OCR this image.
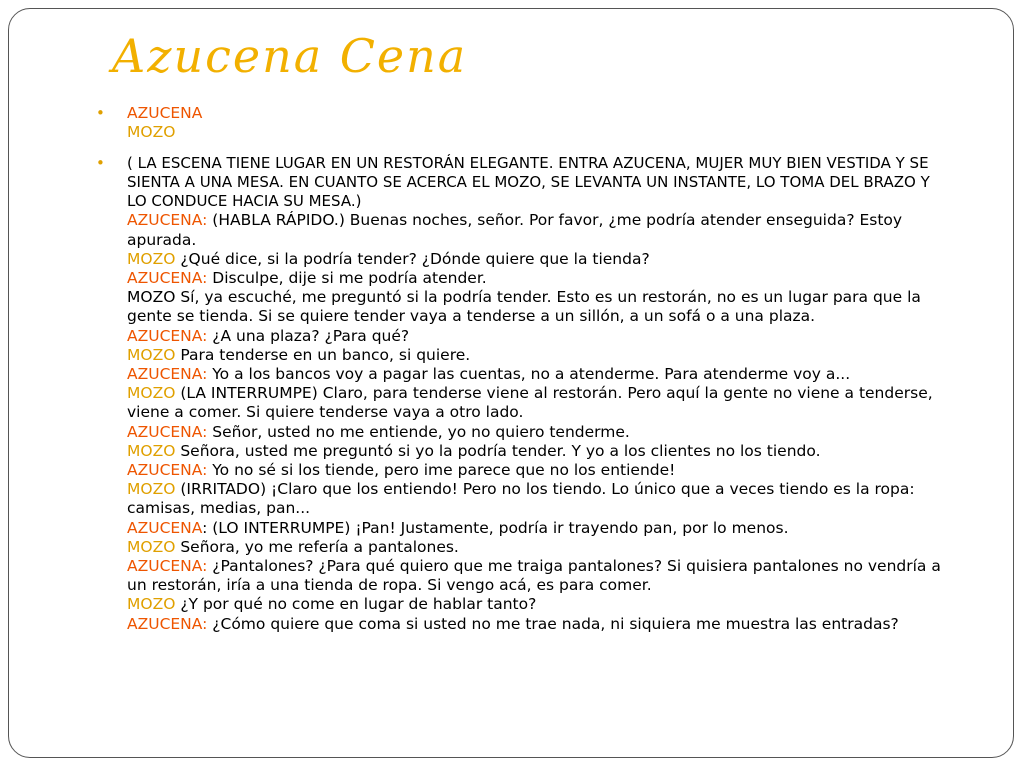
Azucena Cena
• AZUCENA
MOZO
• ( LA ESCENA TIENE LUGAR EN UN RESTORÁN ELEGANTE. ENTRA AZUCENA, MUJER MUY BIEN VESTIDA Y SE SIENTA A UNA MESA. EN CUANTO SE ACERCA EL MOZO, SE LEVANTA UN INSTANTE, LO TOMA DEL BRAZO Y LO CONDUCE HACIA SU MESA.)
AZUCENA: (HABLA RÁPIDO.) Buenas noches, señor. Por favor, ¿me podría atender enseguida? Estoy apurada.
MOZO ¿Qué dice, si la podría tender? ¿Dónde quiere que la tienda?
AZUCENA: Disculpe, dije si me podría atender.
MOZO Sí, ya escuché, me preguntó si la podría tender. Esto es un restorán, no es un lugar para que la gente se tienda. Si se quiere tender vaya a tenderse a un sillón, a un sofá o a una plaza.
AZUCENA: ¿A una plaza? ¿Para qué?
MOZO Para tenderse en un banco, si quiere.
AZUCENA: Yo a los bancos voy a pagar las cuentas, no a atenderme. Para atenderme voy a...
MOZO (LA INTERRUMPE) Claro, para tenderse viene al restorán. Pero aquí la gente no viene a tenderse, viene a comer. Si quiere tenderse vaya a otro lado.
AZUCENA: Señor, usted no me entiende, yo no quiero tenderme.
MOZO Señora, usted me preguntó si yo la podría tender. Y yo a los clientes no los tiendo.
AZUCENA: Yo no sé si los tiende, pero ime parece que no los entiende!
MOZO (IRRITADO) ¡Claro que los entiendo! Pero no los tiendo. Lo único que a veces tiendo es la ropa: camisas, medias, pan...
AZUCENA: (LO INTERRUMPE) ¡Pan! Justamente, podría ir trayendo pan, por lo menos.
MOZO Señora, yo me refería a pantalones.
AZUCENA: ¿Pantalones? ¿Para qué quiero que me traiga pantalones? Si quisiera pantalones no vendría a un restorán, iría a una tienda de ropa. Si vengo acá, es para comer.
MOZO ¿Y por qué no come en lugar de hablar tanto?
AZUCENA: ¿Cómo quiere que coma si usted no me trae nada, ni siquiera me muestra las entradas?
